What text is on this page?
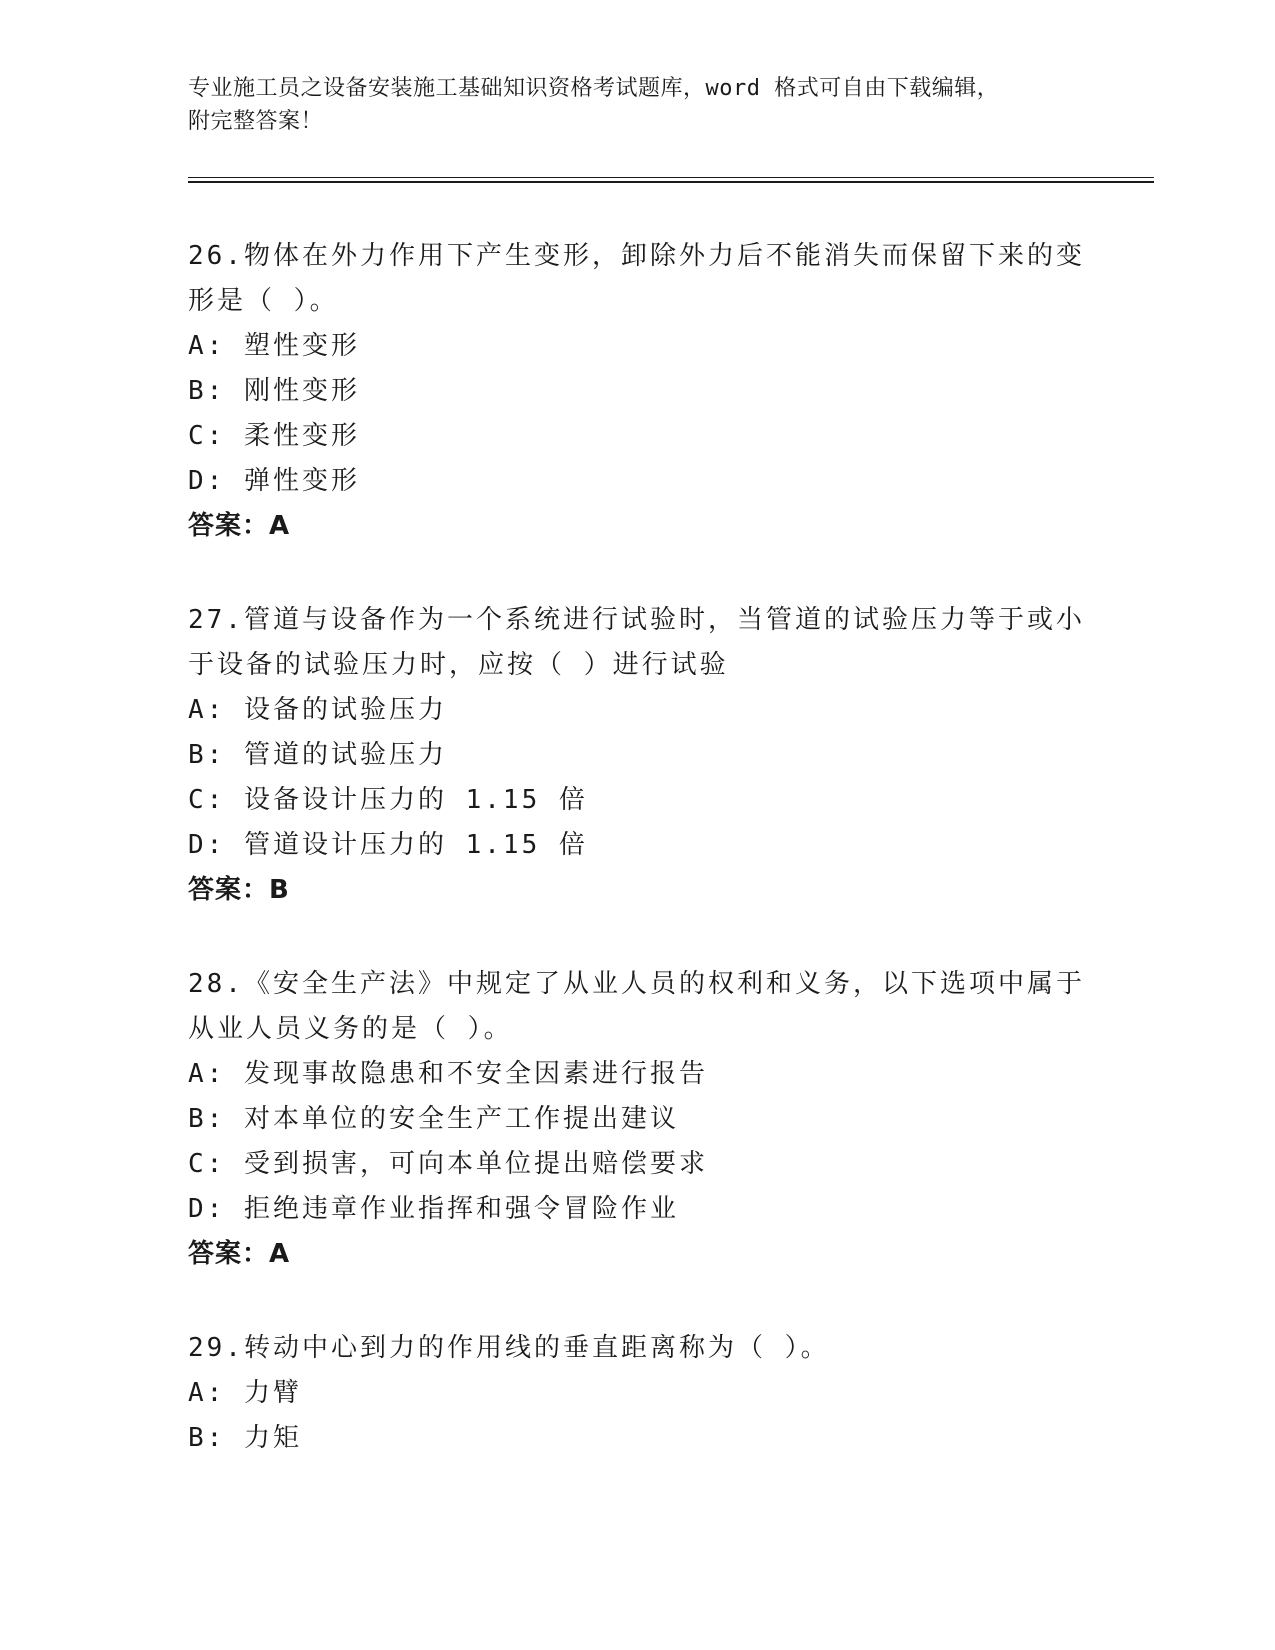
专业施工员之设备安装施工基础知识资格考试题库，word 格式可自由下载编辑，
附完整答案！
26.物体在外力作用下产生变形，卸除外力后不能消失而保留下来的变
形是（ ）。
A: 塑性变形
B: 刚性变形
C: 柔性变形
D: 弹性变形
答案：A
27.管道与设备作为一个系统进行试验时，当管道的试验压力等于或小
于设备的试验压力时，应按（ ）进行试验
A: 设备的试验压力
B: 管道的试验压力
C: 设备设计压力的 1.15 倍
D: 管道设计压力的 1.15 倍
答案：B
28.《安全生产法》中规定了从业人员的权利和义务，以下选项中属于
从业人员义务的是（ ）。
A: 发现事故隐患和不安全因素进行报告
B: 对本单位的安全生产工作提出建议
C: 受到损害，可向本单位提出赔偿要求
D: 拒绝违章作业指挥和强令冒险作业
答案：A
29.转动中心到力的作用线的垂直距离称为（ ）。
A: 力臂
B: 力矩
